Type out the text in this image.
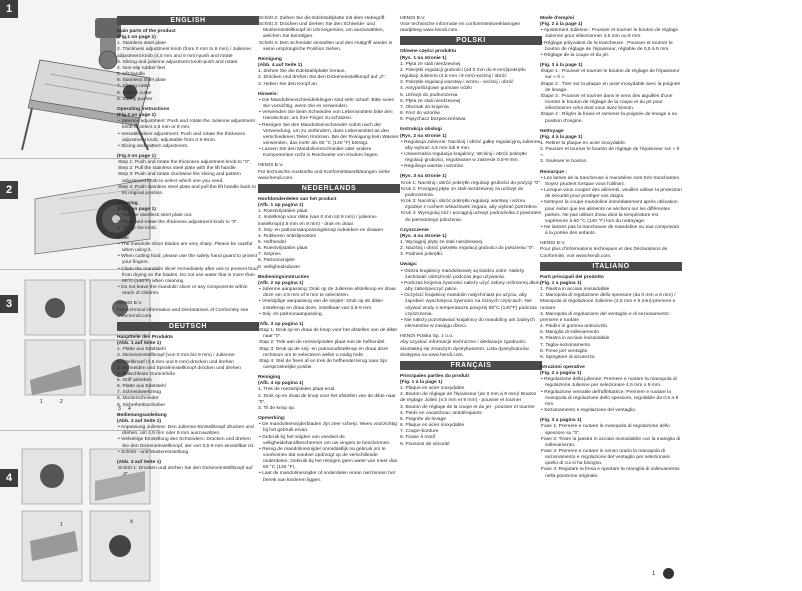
1
2
3
1	2
3 4
4
1	x
ENGLISH
Main parts of the product
(Fig.1 on page 1)
1. Stainless steel plate
2. Thickness adjustment knob (from 0 mm to 9 mm) / Julienne adjustment knob (4,5 mm and 9 mm)-push and rotate
3. Slicing and julienne adjustment knob-push and rotate
4. Non-slip rubber feet
5. Lift handle
6. Stainless steel plate
7. Slicing cutter
8. Pattern cutter
9. Safety pusher
Operating instructions
(Fig.2 on page 1)
• Julienne adjustment: Push and rotate the Julienne adjustment knob to select 4,5 mm or 9 mm.
• Versatile slicer adjustment: Push and rotate the thickness adjustment knob, adjustable from 0.5-9mm.
• Slicing and pattern adjustment.
(Fig.3 on page 1)
Step 1: Push and rotate the thickness adjustment knob to "0".
Step 2: Pull the stainless steel plate with the lift handle.
Step 3: Push and rotate clockwise the slicing and pattern adjustment knob to select which one you need.
Step 4: Push stainless steel plate and pull the lift handle back to its original position.
Cleaning
(Fig.4 on page 1)
1. Pull the stainless steel plate out.
2. Push and rotate the thickness adjustment knob to "0".
3. Lift up the knob.
Note:
• The mandolin slicer blades are very sharp. Please be careful when using it.
• When cutting food, please use the safety hand guard to protect your fingers.
• Clean the mandolin slicer immediately after use to prevent food from drying on the blades. Do not use water that is more than 60°C (140°F) when cleaning.
• Do not leave the mandolin slicer or any components within reach of children.
HENDI B.V.
For technical information and Declarations of Conformity see www.hendi.com.
DEUTSCH
Hauptteile des Produkts
(Abb. 1 auf Seite 1)
1. Platte aus Edelstahl
2. Dickeneinstellknopf (von 0 mm bis 9 mm) / Julienne-Einstellknopf (4,5 mm und 9 mm)-drücken und drehen
3. Schneiden und Spiraleinstellknopf drücken und drehen
4. Rutschfeste Gummifüße
5. Griff anheben
6. Platte aus Edelstahl
7. Schneidwerkzeug
8. Musterschneider
9. Sicherheitsschieber
Bedienungsanleitung
(Abb. 2 auf Seite 1)
• Anpassung Julienne: Den Julienne-Einstellknopf drücken und drehen, um 4,5 mm oder 9 mm auszuwählen.
• Vielseitige Einstellung des Schneiders: Drücken und drehen Sie den Dickeneinstellknopf, der von 0,5-9 mm einstellbar ist.
• Schnitt - und Mustereinstellung.
(Abb. 3 auf Seite 1)
Schritt 1: Drücken und drehen Sie den Dickeneinstellknopf auf „0".
Schritt 2: Ziehen Sie die Edelstahlplatte mit dem Hebegriff.
Schritt 3: Drücken und drehen Sie den Schneide- und Mustereinstellknopf im Uhrzeigersinn, um auszuwählen, welchen Sie benötigen.
Schritt 4: Den Schneider einstellen und den Hubgriff wieder in seine ursprüngliche Position ziehen.
Reinigung
(Abb. 4 auf Seite 1)
1. Ziehen Sie die Edelstahlplatte heraus.
2. Drücken und drehen Sie den Dickeneinstellknopf auf „0".
3. Heben Sie den Knopf an.
Hinweis:
• Die Mandolinenschneiderklingen sind sehr scharf. Bitte seien Sie vorsichtig, wenn Sie es verwenden.
• Verwenden Sie beim Schneiden von Lebensmitteln bitte den Handschutz, um Ihre Finger zu schützen.
• Reinigen Sie den Mandolinenschneider sofort nach der Verwendung, um zu verhindern, dass Lebensmittel an den verschiedenen Teilen trocknen. Bei der Reinigung kein Wasser verwenden, das mehr als 60 °C (140 °F) beträgt.
• Lassen Sie den Mandolinenschneider oder andere Komponenten nicht in Reichweite von Kindern liegen.
HENDI B.V.
Für technische Auskünfte und Konformitätserklärungen siehe www.hendi.com.
NEDERLANDS
Hoofdonderdelen van het product
(Afb. 1 op pagina 1)
1. Roestvrijstalen plaat
2. Instelknop voor dikte (van 0 mm tot 9 mm) / julienne-instelknop(4,5 mm en 9 mm) - druk en draai
3. Snij- en patroonaanpassingsknop indrukken en draaien
4. Rubberen antislipvoeten
5. Hefhendel
6. Roestvrijstalen plaat
7. Snijmes
8. Patroonsnijder
9. Veiligheidsduwer
Bedieningsinstructies
(Afb. 2 op pagina 1)
• Julienne aanpassing: Druk op de Julienne afstelknop en draai deze om 4,5 mm of 9 mm te selecteren.
• Veelzijdige aanpassing van de snijder: Druk op de dikte-instelknop en draai deze, instelbaar van 0,5-9 mm.
• Snij- en patroonaanpassing.
(Afb. 3 op pagina 1)
Stap 1: Druk op en draai de knop voor het afstellen van de dikte naar "0".
Stap 2: Trek aan de roestvrijstalen plaat met de hefhendel.
Stap 3: Druk op de snij- en patroonafstelknop en draai deze rechtsom om te selecteren welke u nodig hebt.
Stap 4: Stel de frees af en trek de hefhendel terug naar zijn oorspronkelijke positie.
Reiniging
(Afb. 4 op pagina 1)
1. Trek de roestvrijstalen plaat eruit.
2. Druk op en draai de knop voor het afstellen van de dikte naar "0".
3. Til de knop op.
Opmerking:
• De mandolinesnijderbladen zijn zeer scherp. Wees voorzichtig bij het gebruik ervan.
• Gebruik bij het snijden van voedsel de veiligheidshandbeschermer om uw vingers te beschermen.
• Reinig de mandolinesnijder onmiddellijk na gebruik om te voorkomen dat voedsel opdroogt op de verschillende onderdelen. Gebruik bij het reinigen geen water van meer dan 60 °C (140 °F).
• Laat de mandolinesnijder of onderdelen ervan niet binnen het bereik van kinderen liggen.
HENDI B.V.
Voor technische informatie en conformiteitsverklaringen raadpleeg www.hendi.com.
POLSKI
Główne części produktu
(Rys. 1 na stronie 1)
1. Płyta ze stali nierdzewnej
2. Pokrętło regulacji grubości (od 0 mm do 9 mm)/pokrętło regulacji Julienne (4,5 mm i 9 mm)-wciśnij i obróć
3. Pokrętło regulacji warstwy i wzoru - wciśnij i obróć
4. Antypoślizgowe gumowe nóżki
5. Uchwyt do podnoszenia
6. Płyta ze stali nierdzewnej
7. Obcinak do krojenia
8. Frez do wzorów
9. Popychacz bezpieczeństwa
Instrukcja obsługi
(Rys. 2 na stronie 1)
• Regulacja Julienne: Naciśnij i obróć gałkę regulacyjną Julienne, aby wybrać 4,5 mm lub 9 mm.
• Uniwersalna regulacja krajalnicy: Wciśnij i obróć pokrętło regulacji grubości, regulowane w zakresie 0,5-9 mm.
• Regulacja warstw i wzorów.
(Rys. 3 na stronie 1)
Krok 1: Naciśnij i obróć pokrętło regulacji grubości do pozycji "0".
Krok 2: Pociągnij płytę ze stali nierdzewnej za uchwyt do podnoszenia.
Krok 3: Naciśnij i obróć pokrętło regulacji warstwy i wzoru zgodnie z ruchem wskazówek zegara, aby wybrać potrzebne.
Krok 4: Wyreguluj nóż i pociągnij uchwyt podnośnika z powrotem do pierwotnego położenia.
Czyszczenie
(Rys. 4 na stronie 1)
1. Wyciągnij płytę ze stali nierdzewnej.
2. Naciśnij i obróć pokrętło regulacji grubości do położenia "0".
3. Podnieś pokrętło.
Uwaga:
• Ostrza krajalnicy mandolinowej są bardzo ostre. Należy zachować ostrożność podczas jego używania.
• Podczas krojenia żywności należy użyć osłony ochronnej dłoni, aby zabezpieczyć palce.
• Oczyścić krajalnicę mandolin natychmiast po użyciu, aby zapobiec wyschnięciu żywności na różnych częściach. Nie używać wody o temperaturze powyżej 60°C (140°F) podczas czyszczenia.
• Nie należy pozostawiać krajalnicy do mandoliny ani żadnych elementów w zasięgu dzieci.
HENDI Polska Sp. z o.o.
Aby uzyskać informacje techniczne i deklaracje zgodności skontaktuj się zmaszym dystrybutorem. Lista dystrybutorów dostępna na www.hendi.com.
FRANÇAIS
Principales parties du produit
(Fig. 1 à la page 1)
1. Plaque en acier inoxydable
2. Bouton de réglage de l'épaisseur (de 0 mm à 9 mm)/ Bouton de réglage Julien (4,5 mm et 9 mm) - pousser et tourner
3. Bouton de réglage de la coupe et du jet - pousser et tourner
4. Pieds en caoutchouc antidérapants
5. Poignée de levage
6. Plaque en acier inoxydable
7. Coupe-bordure
8. Fraise à motif
9. Poussoir de sécurité
Mode d'emploi
(Fig. 2 à la page 1)
• Ajustement Julienne : Pousser et tourner le bouton de réglage Julienne pour sélectionner 4,5 mm ou 9 mm.
• Réglage polyvalent de la trancheuse : Pousser et tourner le bouton de réglage de l'épaisseur, réglable de 0,5 à 9 mm.
• Réglage de la coupe et du jet.
(Fig. 3 à la page 1)
Étape 1 : Pousser et tourner le bouton de réglage de l'épaisseur sur « 0 ».
Étape 2 : Tirer sur la plaque en acier inoxydable avec la poignée de levage.
Étape 3 : Pousser et tourner dans le sens des aiguilles d'une montre le bouton de réglage de la coupe et du jet pour sélectionner celui dont vous avez besoin.
Étape 4 : Régler la fraise et ramener la poignée de levage à sa position d'origine.
Nettoyage
(Fig. 4 à la page 1)
1. Retirer la plaque en acier inoxydable.
2. Pousser et tourner le bouton de réglage de l'épaisseur sur « 0 ».
3. Soulever le bouton.
Remarque :
• Les lames de la trancheuse à mandoline sont très tranchantes. Soyez prudent lorsque vous l'utilisez.
• Lorsque vous coupez des aliments, veuillez utiliser la protection de sécurité pour protéger vos doigts.
• Nettoyez la coupe-mandoline immédiatement après utilisation pour éviter que les aliments ne sèchent sur les différentes parties. Ne pas utiliser d'eau dont la température est supérieure à 60 °C (140 °F) lors du nettoyage.
• Ne laissez pas la trancheuse de mandoline ou tout composant à la portée des enfants.
HENDI B.V.
Pour plus d'informations techniques et des Déclarations de Conformité, voir www.hendi.com.
ITALIANO
Parti principali del prodotto
(Fig. 1 a pagina 1)
1. Piastra in acciaio inossidabile
2. Manopola di regolazione dello spessore (da 0 mm a 9 mm) / Manopola di regolazione Julienne (4,5 mm e 9 mm)-premere e ruotare
3. Manopola di regolazione del ventaglio e di sezionamento: premere e ruotare
4. Piedini in gomma antiscivolo
5. Maniglia di sollevamento
6. Piastra in acciaio inossidabile
7. Taglia-sezionamento
8. Frese per ventaglio
9. Spingitore di sicurezza
Istruzioni operative
(Fig. 2 a pagina 1)
• Regolazione della julienne: Premere e ruotare la manopola di regolazione Julienne per selezionare 4,5 mm o 9 mm.
• Regolazione versatile dell'affettatrice: Premere e ruotare la manopola di regolazione dello spessore, regolabile da 0,5 a 9 mm.
• Sezionamento e regolazione del ventaglio.
(Fig. 3 a pagina 1)
Fase 1: Premere e ruotare la manopola di regolazione dello spessore su "0".
Fase 2: Tirare la piastra in acciaio inossidabile con la maniglia di sollevamento.
Fase 3: Premere e ruotare in senso orario la manopola di sezionamento e regolazione del ventaglio per selezionare quello di cui si ha bisogno.
Fase 4: Regolare la fresa e riportare la maniglia di sollevamento nella posizione originale.
1
